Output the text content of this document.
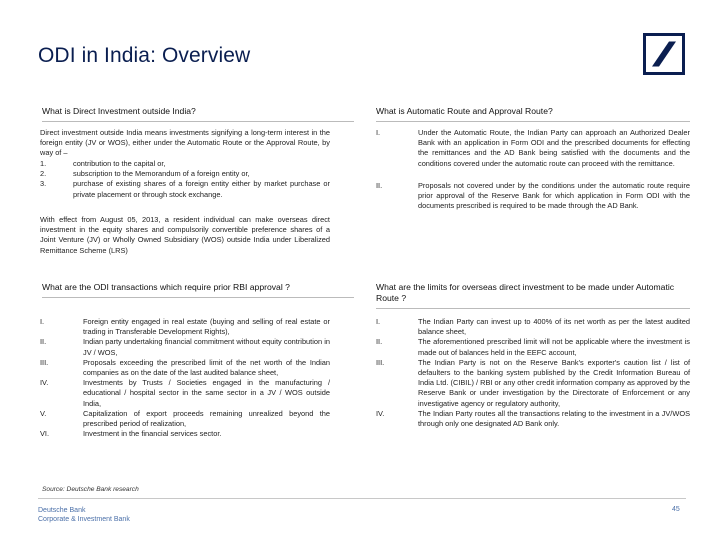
ODI in India: Overview
What is Direct Investment outside India?

Direct investment outside India means investments signifying a long-term interest in the foreign entity (JV or WOS), either under the Automatic Route or the Approval Route, by way of –

1.	contribution to the capital or,
2.	subscription to the Memorandum of a foreign entity or,
3.	purchase of existing shares of a foreign entity either by market purchase or private placement or through stock exchange.

With effect from August 05, 2013, a resident individual can make overseas direct investment in the equity shares and compulsorily convertible preference shares of a Joint Venture (JV) or Wholly Owned Subsidiary (WOS) outside India under Liberalized Remittance Scheme (LRS)

What is Automatic Route and Approval Route?
I.	Under the Automatic Route, the Indian Party can approach an Authorized Dealer Bank with an application in Form ODI and the prescribed documents for effecting the remittances and the AD Bank being satisfied with the documents and the conditions covered under the automatic route can proceed with the remittance.
II.	Proposals not covered under by the conditions under the automatic route require prior approval of the Reserve Bank for which application in Form ODI with the documents prescribed is required to be made through the AD Bank.
What are the ODI transactions which require prior RBI approval ?
I.	Foreign entity engaged in real estate (buying and selling of real estate or trading in Transferable Development Rights),
II.	Indian party undertaking financial commitment without equity contribution in JV / WOS,
III.	Proposals exceeding the prescribed limit of the net worth of the Indian companies as on the date of the last audited balance sheet,
IV.	Investments by Trusts / Societies engaged in the manufacturing / educational / hospital sector in the same sector in a JV / WOS outside India,
V.	Capitalization of export proceeds remaining unrealized beyond the prescribed period of realization,
VI.	Investment in the financial services sector.
What are the limits for overseas direct investment to be made under Automatic Route ?
I.	The Indian Party can invest up to 400% of its net worth as per the latest audited balance sheet,
II.	The aforementioned prescribed limit will not be applicable where the investment is made out of balances held in the EEFC account,
III.	The Indian Party is not on the Reserve Bank's exporter's caution list / list of defaulters to the banking system published by the Credit Information Bureau of India Ltd. (CIBIL) / RBI or any other credit information company as approved by the Reserve Bank or under investigation by the Directorate of Enforcement or any investigative agency or regulatory authority,
IV.	The Indian Party routes all the transactions relating to the investment in a JV/WOS through only one designated AD Bank only.
Source: Deutsche Bank research
Deutsche Bank
Corporate & Investment Bank
45
